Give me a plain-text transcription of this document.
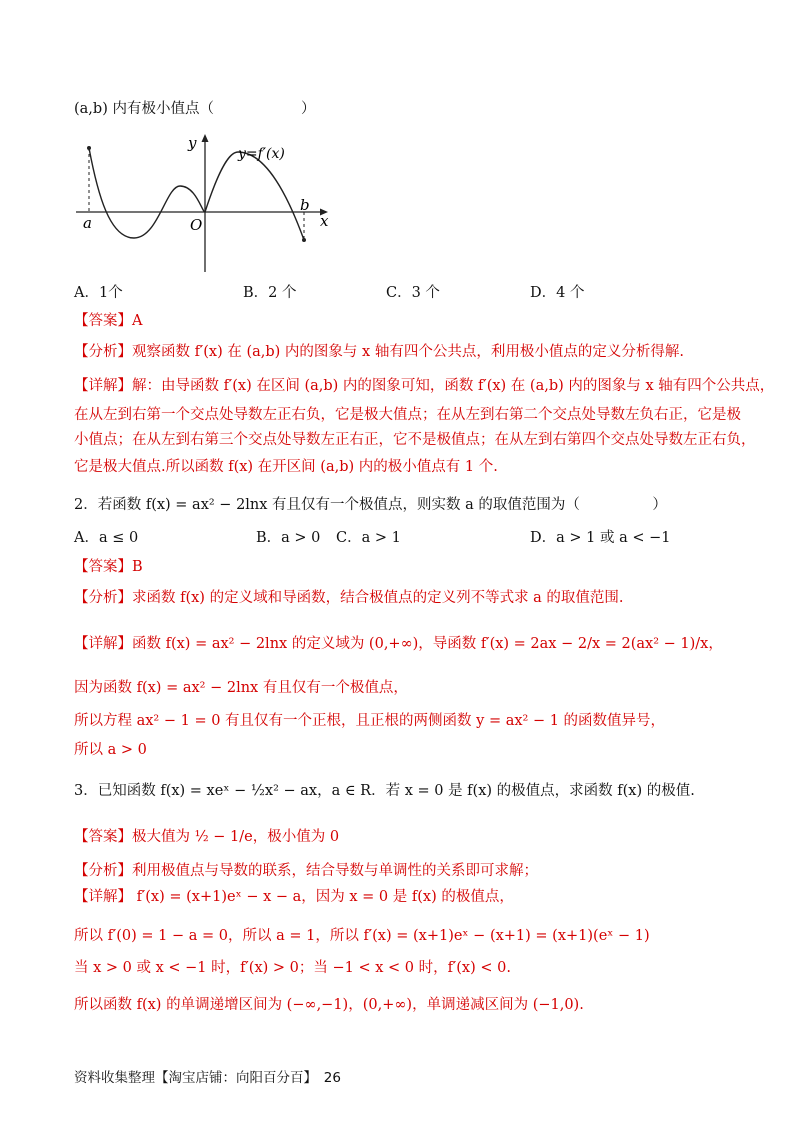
(a,b) 内有极小值点（　　　　　　）
y
x
O
a
b
y=f′(x)
A．1个	B．2 个	C．3 个	D．4 个
【答案】A
【分析】观察函数 f′(x) 在 (a,b) 内的图象与 x 轴有四个公共点，利用极小值点的定义分析得解.
【详解】解：由导函数 f′(x) 在区间 (a,b) 内的图象可知，函数 f′(x) 在 (a,b) 内的图象与 x 轴有四个公共点，
在从左到右第一个交点处导数左正右负，它是极大值点；在从左到右第二个交点处导数左负右正，它是极
小值点；在从左到右第三个交点处导数左正右正，它不是极值点；在从左到右第四个交点处导数左正右负，
它是极大值点.所以函数 f(x) 在开区间 (a,b) 内的极小值点有 1 个.
2．若函数 f(x) = ax² − 2lnx 有且仅有一个极值点，则实数 a 的取值范围为（　　　　　）
A．a ≤ 0	B．a > 0 C．a > 1	D．a > 1 或 a < −1
【答案】B
【分析】求函数 f(x) 的定义域和导函数，结合极值点的定义列不等式求 a 的取值范围.
【详解】函数 f(x) = ax² − 2lnx 的定义域为 (0,+∞)，导函数 f′(x) = 2ax − 2/x = 2(ax² − 1)/x，
因为函数 f(x) = ax² − 2lnx 有且仅有一个极值点，
所以方程 ax² − 1 = 0 有且仅有一个正根，且正根的两侧函数 y = ax² − 1 的函数值异号，
所以 a > 0
3．已知函数 f(x) = xeˣ − ½x² − ax，a ∈ R．若 x = 0 是 f(x) 的极值点，求函数 f(x) 的极值.
【答案】极大值为 ½ − 1/e，极小值为 0
【分析】利用极值点与导数的联系，结合导数与单调性的关系即可求解；
【详解】 f′(x) = (x+1)eˣ − x − a，因为 x = 0 是 f(x) 的极值点，
所以 f′(0) = 1 − a = 0，所以 a = 1，所以 f′(x) = (x+1)eˣ − (x+1) = (x+1)(eˣ − 1)
当 x > 0 或 x < −1 时，f′(x) > 0；当 −1 < x < 0 时，f′(x) < 0.
所以函数 f(x) 的单调递增区间为 (−∞,−1)，(0,+∞)，单调递减区间为 (−1,0).
资料收集整理【淘宝店铺：向阳百分百】　26
